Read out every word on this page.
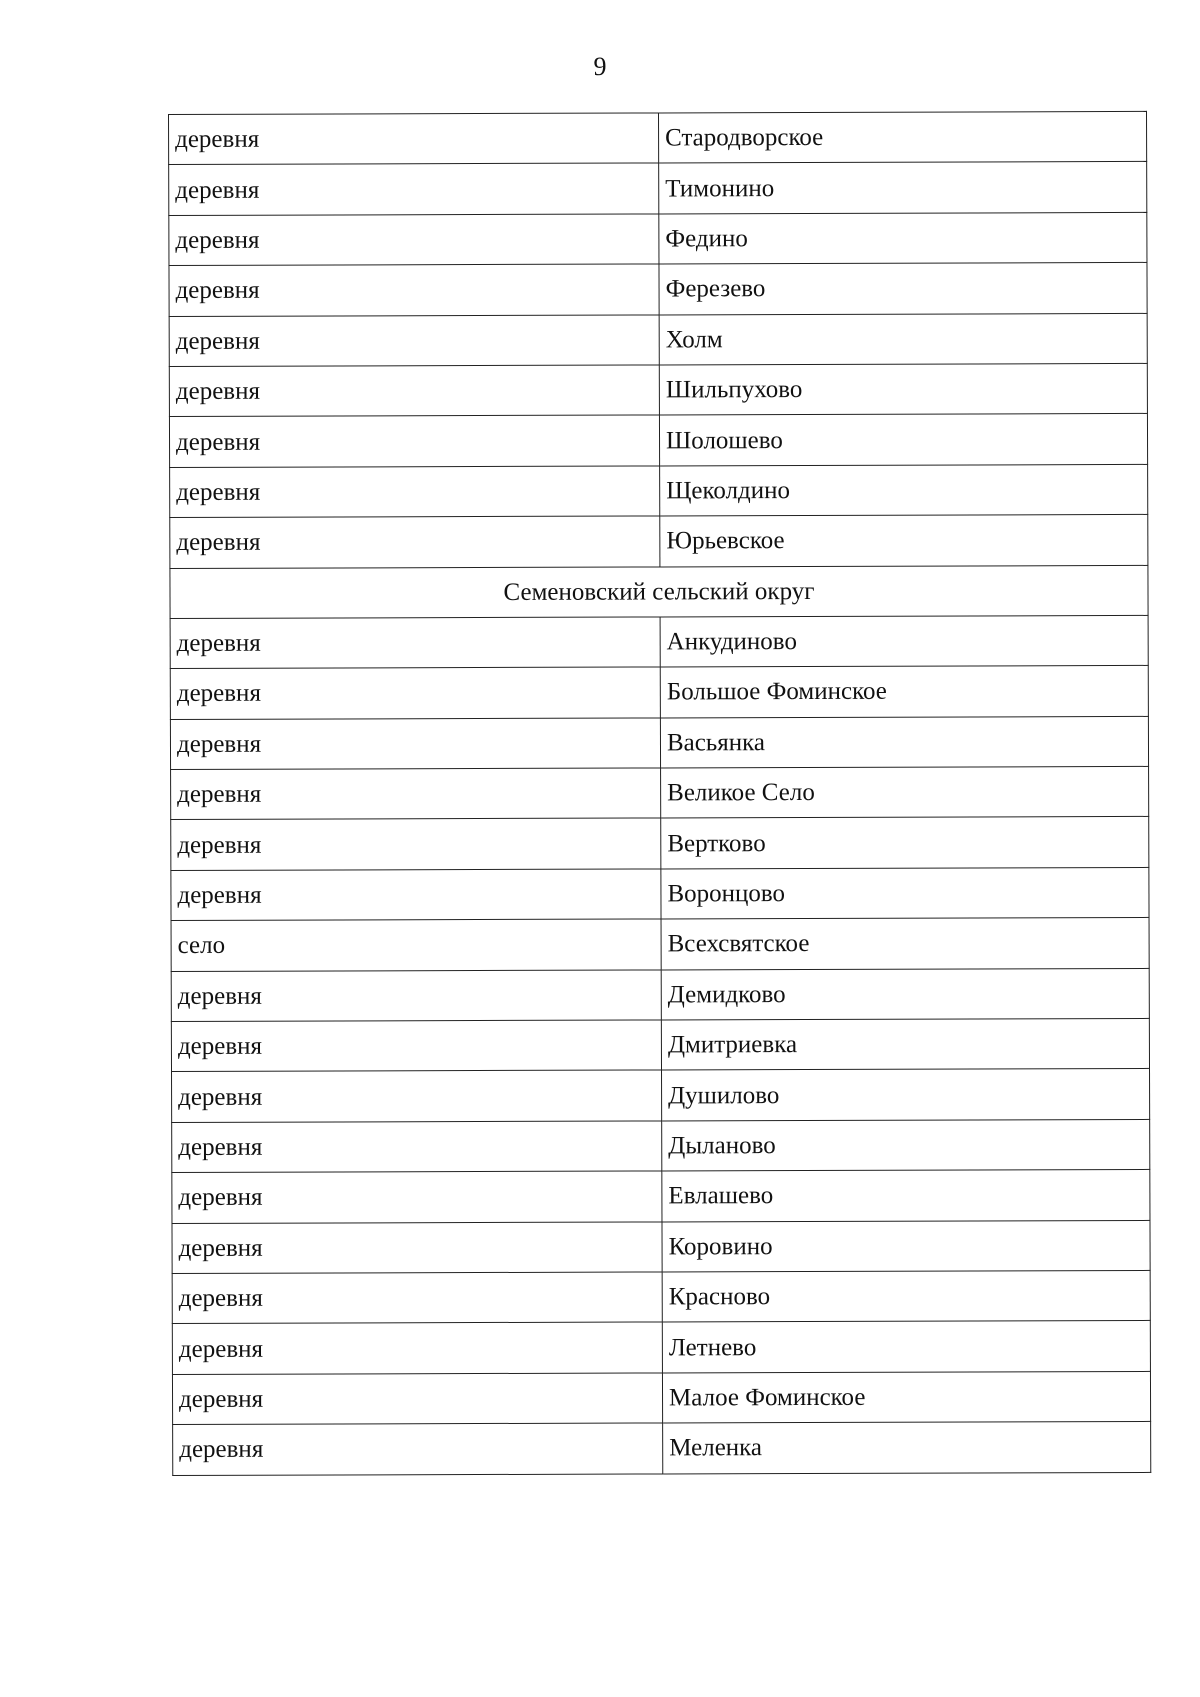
9
деревня	Стародворское
деревня	Тимонино
деревня	Федино
деревня	Ферезево
деревня	Холм
деревня	Шильпухово
деревня	Шолошево
деревня	Щеколдино
деревня	Юрьевское
Семеновский сельский округ	
деревня	Анкудиново
деревня	Большое Фоминское
деревня	Васьянка
деревня	Великое Село
деревня	Вертково
деревня	Воронцово
село	Всехсвятское
деревня	Демидково
деревня	Дмитриевка
деревня	Душилово
деревня	Дыланово
деревня	Евлашево
деревня	Коровино
деревня	Красново
деревня	Летнево
деревня	Малое Фоминское
деревня	Меленка
